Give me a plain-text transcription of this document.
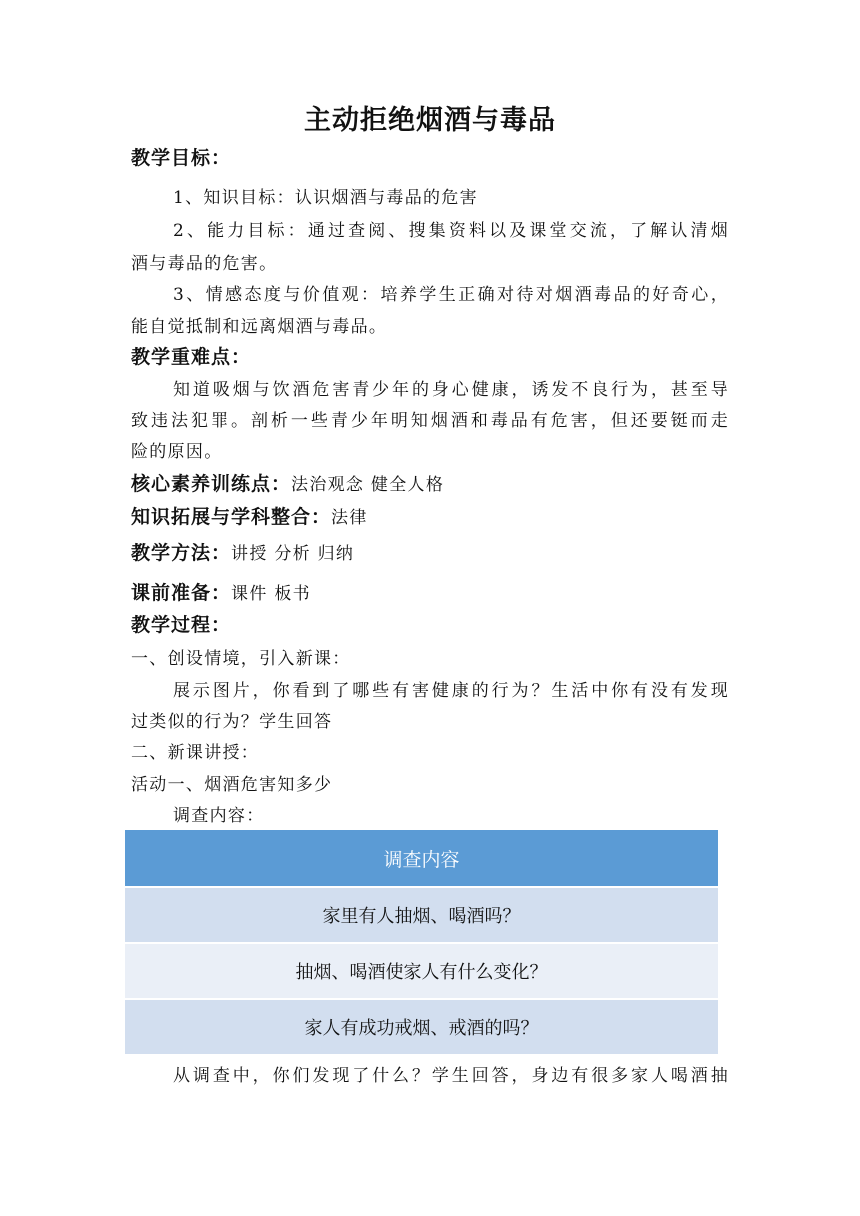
主动拒绝烟酒与毒品
教学目标：
1、知识目标：认识烟酒与毒品的危害
2、能力目标：通过查阅、搜集资料以及课堂交流，了解认清烟
酒与毒品的危害。
3、情感态度与价值观：培养学生正确对待对烟酒毒品的好奇心，
能自觉抵制和远离烟酒与毒品。
教学重难点：
知道吸烟与饮酒危害青少年的身心健康，诱发不良行为，甚至导
致违法犯罪。剖析一些青少年明知烟酒和毒品有危害，但还要铤而走
险的原因。
核心素养训练点：法治观念 健全人格
知识拓展与学科整合：法律
教学方法：讲授 分析 归纳
课前准备：课件 板书
教学过程：
一、创设情境，引入新课：
展示图片，你看到了哪些有害健康的行为？生活中你有没有发现
过类似的行为？学生回答
二、新课讲授：
活动一、烟酒危害知多少
调查内容：
调查内容
家里有人抽烟、喝酒吗？
抽烟、喝酒使家人有什么变化？
家人有成功戒烟、戒酒的吗？
从调查中，你们发现了什么？学生回答，身边有很多家人喝酒抽
